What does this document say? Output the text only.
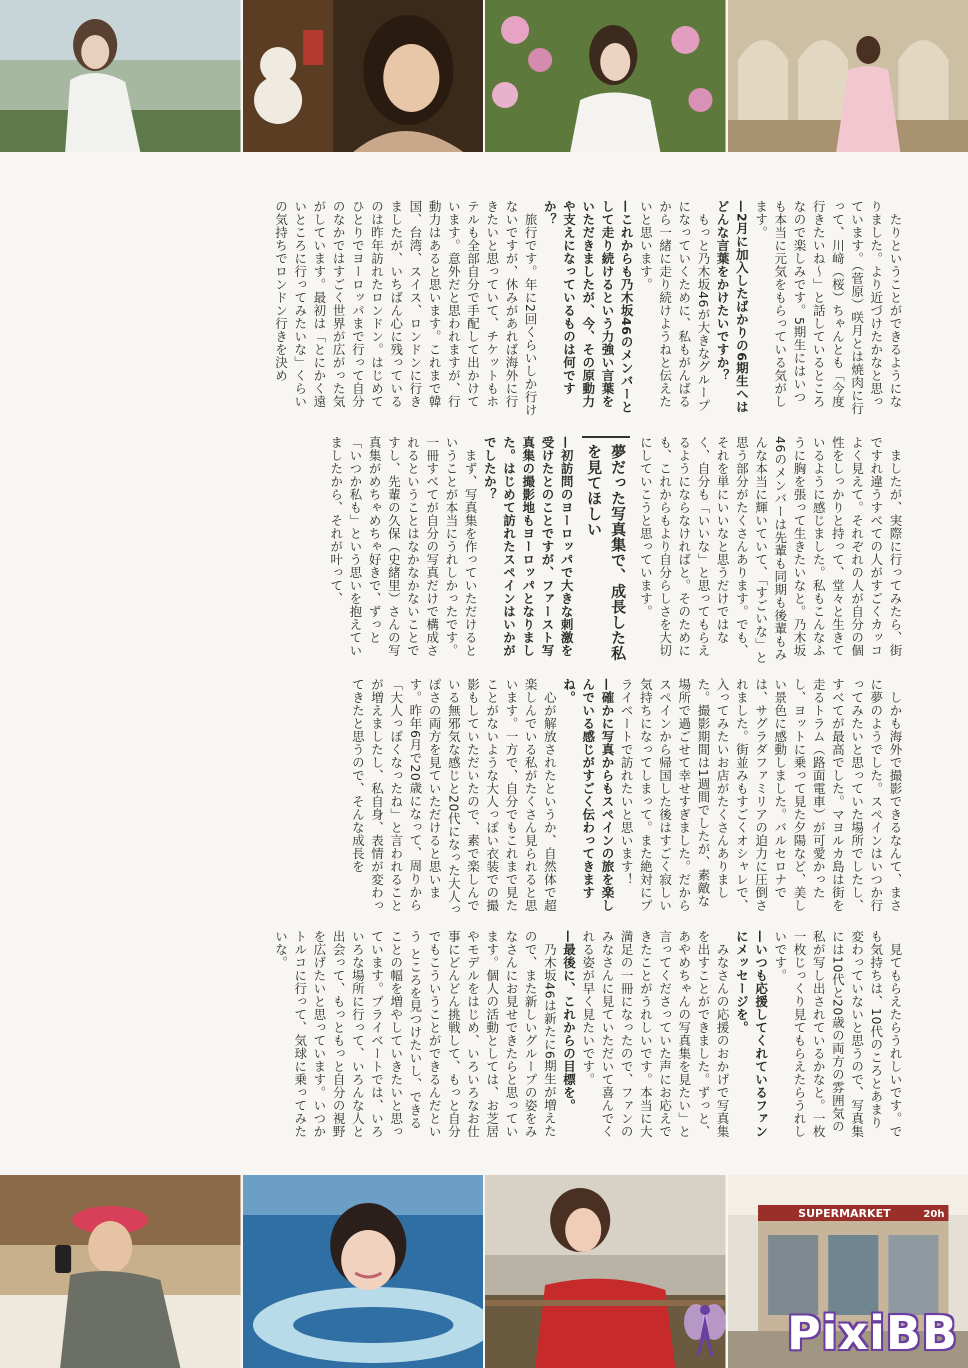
たりということができるようになりました。より近づけたかなと思っています。（菅原）咲月とは焼肉に行って、川﨑（桜）ちゃんとも「今度行きたいね〜」と話しているところなので楽しみです。5期生にはいつも本当に元気をもらっている気がします。

—2月に加入したばかりの6期生へはどんな言葉をかけたいですか？

もっと乃木坂46が大きなグループになっていくために、私もがんばるから一緒に走り続けようねと伝えたいと思います。

—これからも乃木坂46のメンバーとして走り続けるという力強い言葉をいただきましたが、今、その原動力や支えになっているものは何ですか？

旅行です。年に2回くらいしか行けないですが、休みがあれば海外に行きたいと思っていて、チケットもホテルも全部自分で手配して出かけています。意外だと思われますが、行動力はあると思います。これまで韓国、台湾、スイス、ロンドンに行きましたが、いちばん心に残っているのは昨年訪れたロンドン。はじめてひとりでヨーロッパまで行って自分のなかではすごく世界が広がった気がしています。最初は「とにかく遠いところに行ってみたいな」くらいの気持ちでロンドン行きを決め

ましたが、実際に行ってみたら、街ですれ違うすべての人がすごくカッコよく見えて。それぞれの人が自分の個性をしっかりと持って、堂々と生きているように感じました。私もこんなふうに胸を張って生きたいなと。乃木坂46のメンバーは先輩も同期も後輩もみんな本当に輝いていて、「すごいな」と思う部分がたくさんあります。でも、それを単にいいなと思うだけではなく、自分も「いいな」と思ってもらえるようにならなければと。そのためにも、これからもより自分らしさを大切にしていこうと思っています。

夢だった写真集で、成長した私を見てほしい

—初訪問のヨーロッパで大きな刺激を受けたとのことですが、ファースト写真集の撮影地もヨーロッパとなりました。はじめて訪れたスペインはいかがでしたか？

まず、写真集を作っていただけるということが本当にうれしかったです。一冊すべてが自分の写真だけで構成されるということはなかなかないことですし、先輩の久保（史緒里）さんの写真集がめちゃめちゃ好きで、ずっと「いつか私も」という思いを抱えていましたから、それが叶って、

しかも海外で撮影できるなんて、まさに夢のようでした。スペインはいつか行ってみたいと思っていた場所でしたし、すべてが最高でした。マヨルカ島は街を走るトラム（路面電車）が可愛かったし、ヨットに乗って見た夕陽など、美しい景色に感動しました。バルセロナでは、サグラダファミリアの迫力に圧倒されました。街並みもすごくオシャレで、入ってみたいお店がたくさんありました。撮影期間は1週間でしたが、素敵な場所で過ごせて幸せすぎました。だからスペインから帰国した後はすごく寂しい気持ちになってしまって。また絶対にプライベートで訪れたいと思います！

—確かに写真からもスペインの旅を楽しんでいる感じがすごく伝わってきますね。

心が解放されたというか、自然体で超楽しんでいる私がたくさん見られると思います。一方で、自分でもこれまで見たことがないような大人っぽい衣装での撮影もしていただいたので、素で楽しんでいる無邪気な感じと20代になった大人っぽさの両方を見ていただけると思います。昨年6月で20歳になって、周りから「大人っぽくなったね」と言われることが増えましたし、私自身、表情が変わってきたと思うので、そんな成長を

見てもらえたらうれしいです。でも気持ちは、10代のころとあまり変わっていないと思うので、写真集には10代と20歳の両方の雰囲気の私が写し出されているかなと。一枚一枚じっくり見てもらえたらうれしいです。

—いつも応援してくれているファンにメッセージを。

みなさんの応援のおかげで写真集を出すことができました。ずっと、あやめちゃんの写真集を見たい」と言ってくださっていた声にお応えできたことがうれしいです。本当に大満足の一冊になったので、ファンのみなさんに見ていただいて喜んでくれる姿が早く見たいです。

—最後に、これからの目標を。

乃木坂46は新たに6期生が増えたので、また新しいグループの姿をみなさんにお見せできたらと思っています。個人の活動としては、お芝居やモデルをはじめ、いろいろなお仕事にどんどん挑戦して、もっと自分でもこういうことができるんだという ところを見つけたいし、できることの幅を増やしていきたいと思っています。プライベートでは、いろいろな場所に行って、いろんな人と出会って、もっともっと自分の視野を広げたいと思っています。いつかトルコに行って、気球に乗ってみたいな。

SUPERMARKET	20h
PixiBB
